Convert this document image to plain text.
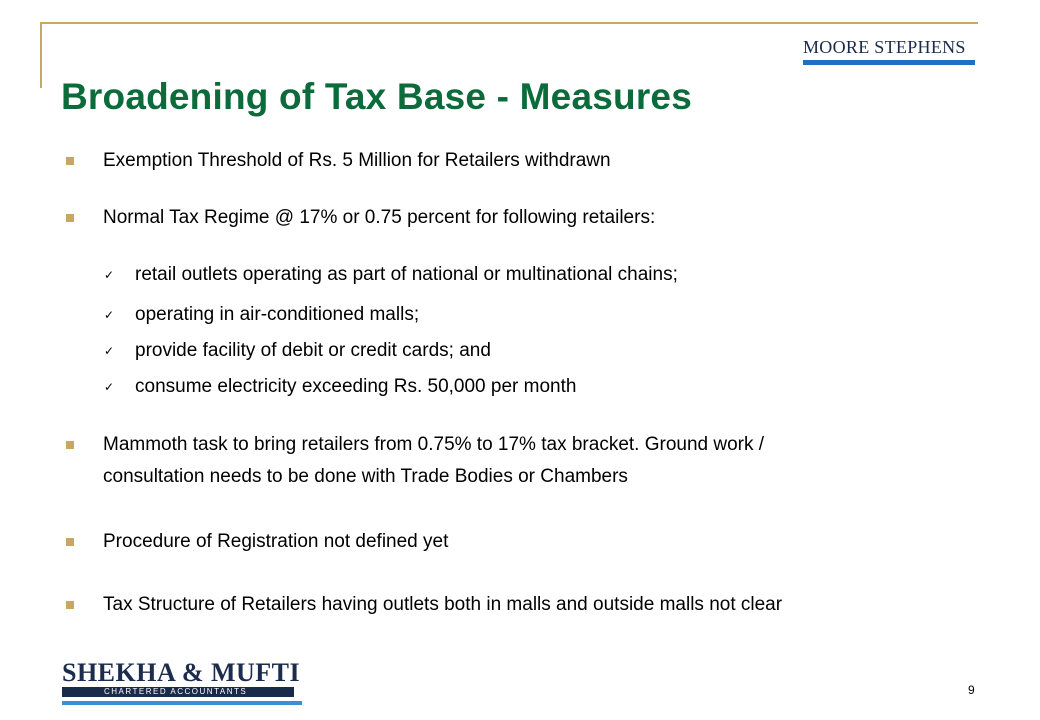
MOORE STEPHENS
Broadening of Tax Base - Measures
Exemption Threshold of Rs. 5 Million for Retailers withdrawn
Normal Tax Regime @ 17% or 0.75 percent for following retailers:
✓ retail outlets operating as part of national or multinational chains;
✓ operating in air-conditioned malls;
✓ provide facility of debit or credit cards; and
✓ consume electricity exceeding Rs. 50,000 per month
Mammoth task to bring retailers from 0.75% to 17% tax bracket. Ground work /
consultation needs to be done with Trade Bodies or Chambers
Procedure of Registration not defined yet
Tax Structure of Retailers having outlets both in malls and outside malls not clear
SHEKHA & MUFTI
CHARTERED ACCOUNTANTS	9
